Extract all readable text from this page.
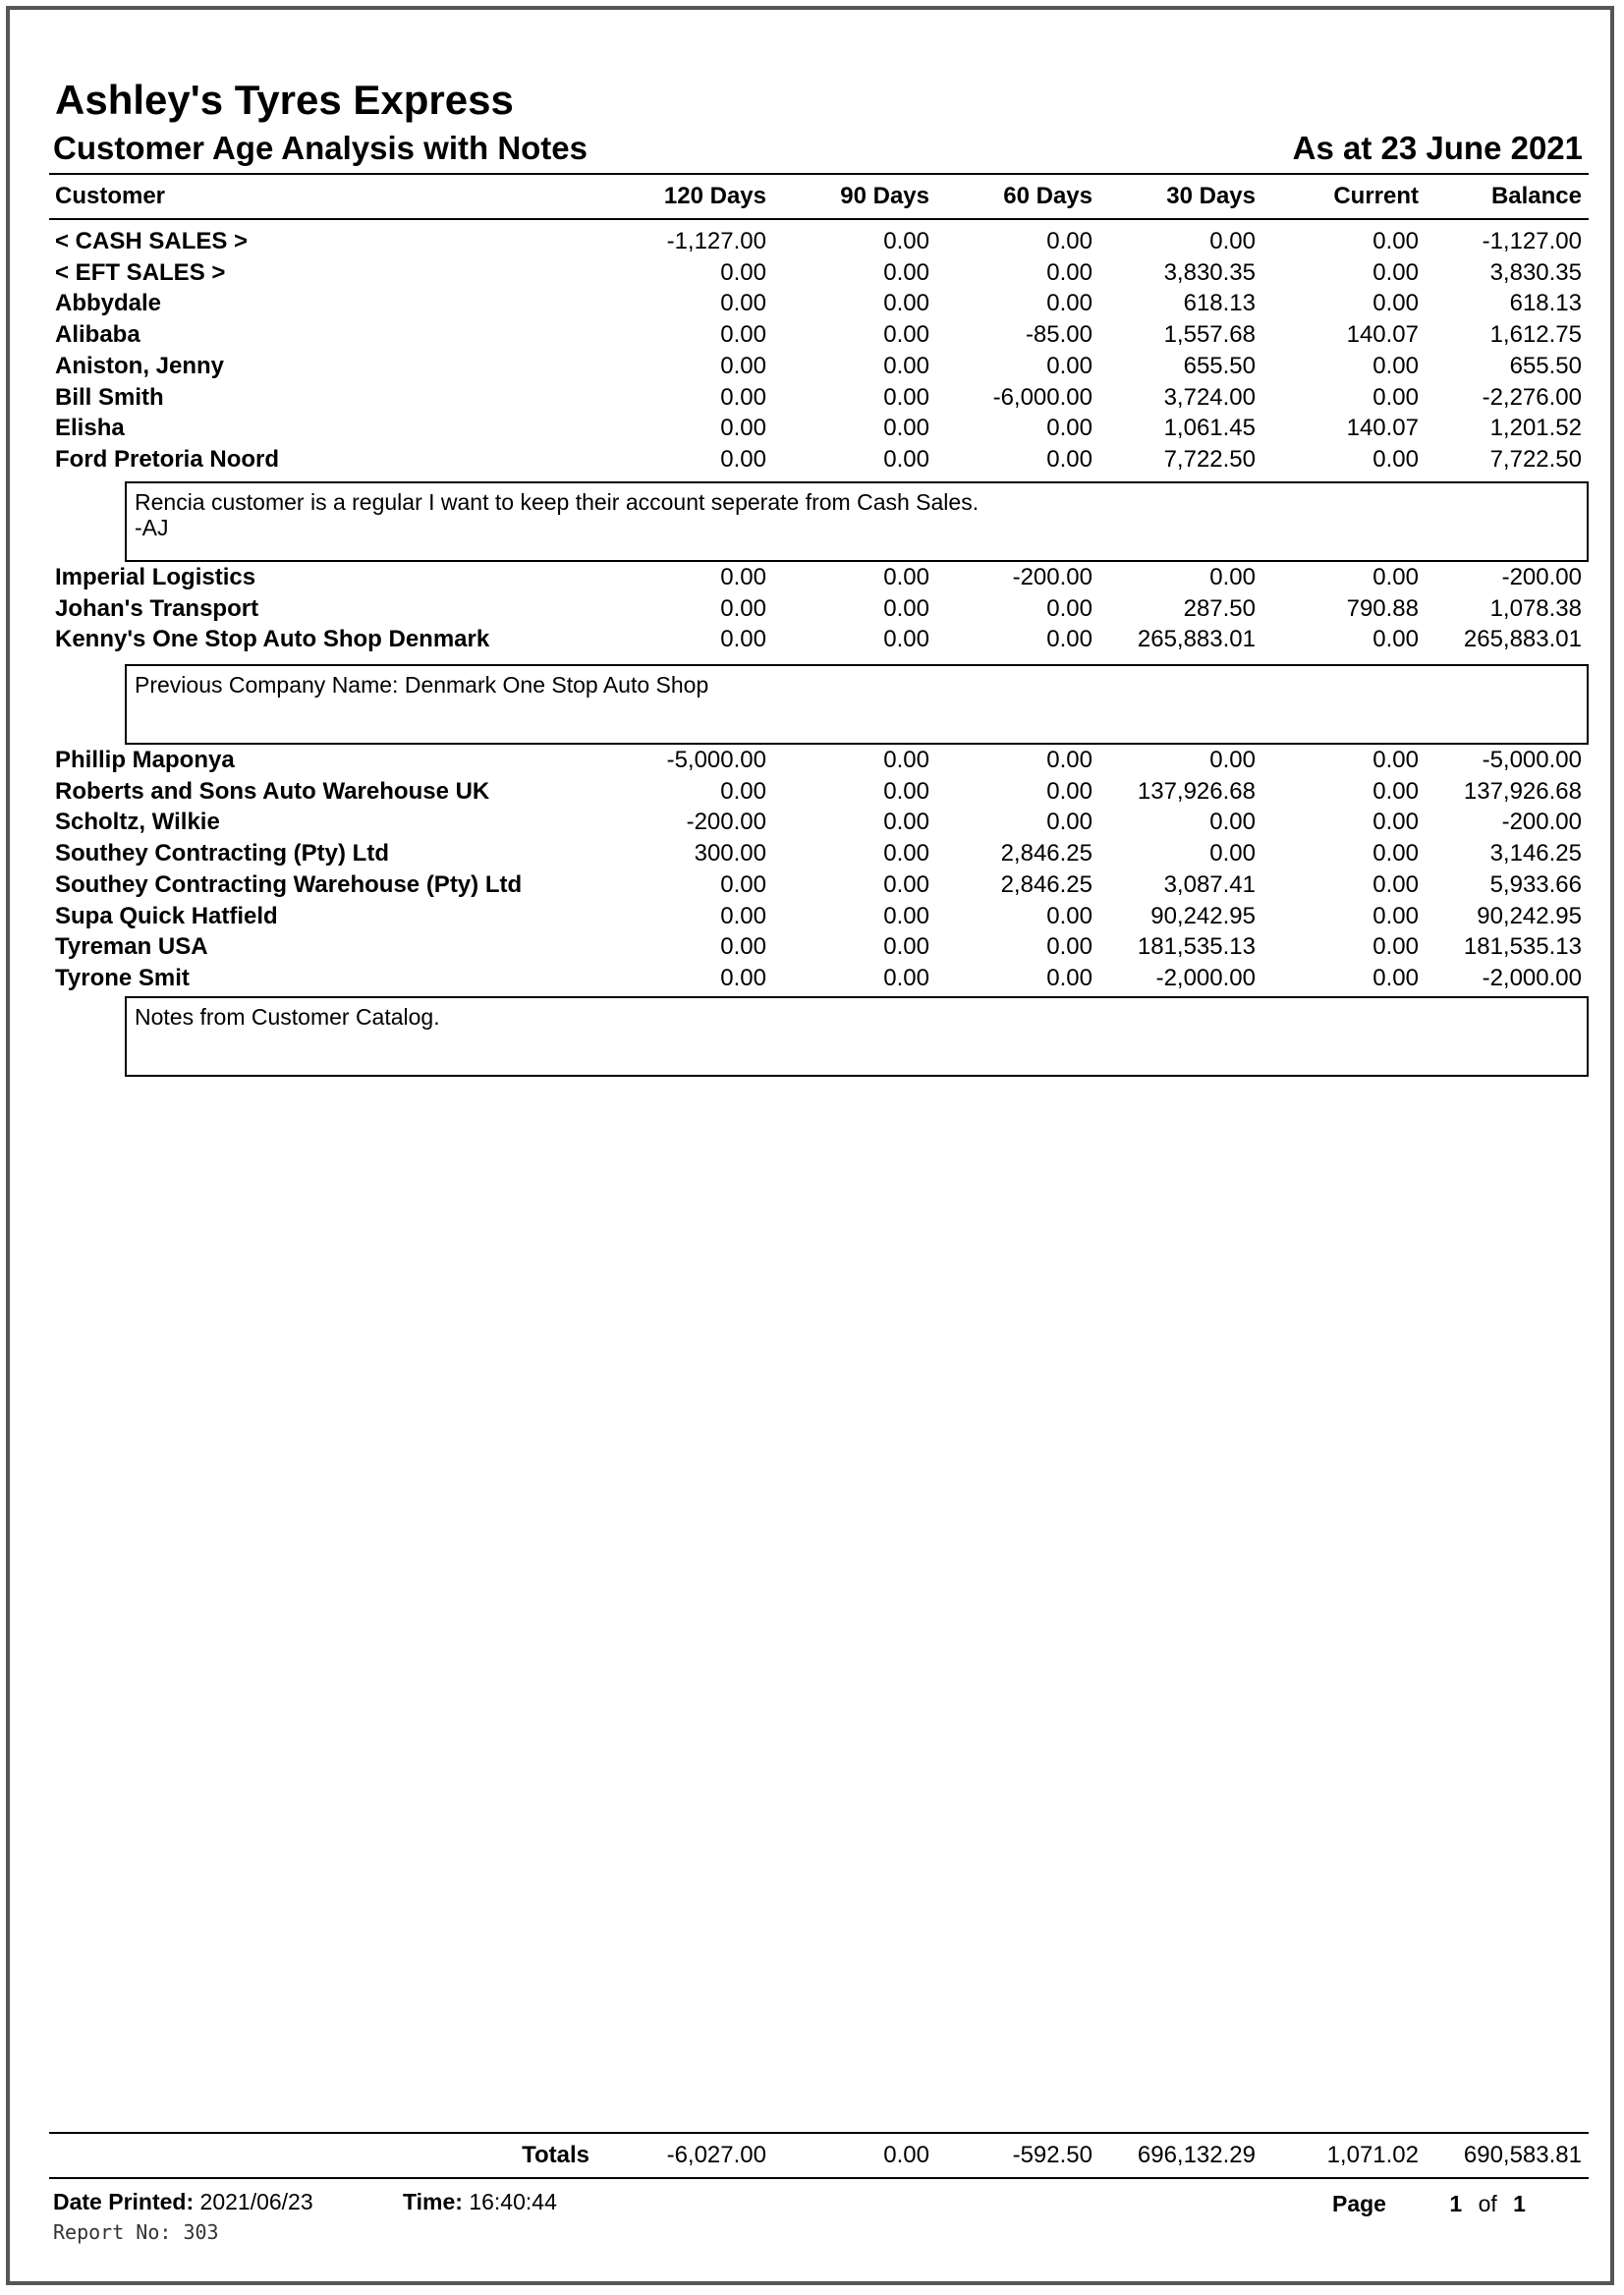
Ashley's Tyres Express
Customer Age Analysis with Notes	As at 23 June 2021
Customer	120 Days	90 Days	60 Days	30 Days	Current	Balance
< CASH SALES >	-1,127.00	0.00	0.00	0.00	0.00	-1,127.00
< EFT SALES >	0.00	0.00	0.00	3,830.35	0.00	3,830.35
Abbydale	0.00	0.00	0.00	618.13	0.00	618.13
Alibaba	0.00	0.00	-85.00	1,557.68	140.07	1,612.75
Aniston, Jenny	0.00	0.00	0.00	655.50	0.00	655.50
Bill Smith	0.00	0.00	-6,000.00	3,724.00	0.00	-2,276.00
Elisha	0.00	0.00	0.00	1,061.45	140.07	1,201.52
Ford Pretoria Noord	0.00	0.00	0.00	7,722.50	0.00	7,722.50
Rencia customer is a regular I want to keep their account seperate from Cash Sales.
-AJ
Imperial Logistics	0.00	0.00	-200.00	0.00	0.00	-200.00
Johan's Transport	0.00	0.00	0.00	287.50	790.88	1,078.38
Kenny's One Stop Auto Shop Denmark	0.00	0.00	0.00	265,883.01	0.00	265,883.01
Previous Company Name: Denmark One Stop Auto Shop
Phillip Maponya	-5,000.00	0.00	0.00	0.00	0.00	-5,000.00
Roberts and Sons Auto Warehouse UK	0.00	0.00	0.00	137,926.68	0.00	137,926.68
Scholtz, Wilkie	-200.00	0.00	0.00	0.00	0.00	-200.00
Southey Contracting (Pty) Ltd	300.00	0.00	2,846.25	0.00	0.00	3,146.25
Southey Contracting Warehouse (Pty) Ltd	0.00	0.00	2,846.25	3,087.41	0.00	5,933.66
Supa Quick Hatfield	0.00	0.00	0.00	90,242.95	0.00	90,242.95
Tyreman USA	0.00	0.00	0.00	181,535.13	0.00	181,535.13
Tyrone Smit	0.00	0.00	0.00	-2,000.00	0.00	-2,000.00
Notes from Customer Catalog.
Totals	-6,027.00	0.00	-592.50	696,132.29	1,071.02	690,583.81
Date Printed: 2021/06/23	Time: 16:40:44	Page	1 of 1
Report No: 303
